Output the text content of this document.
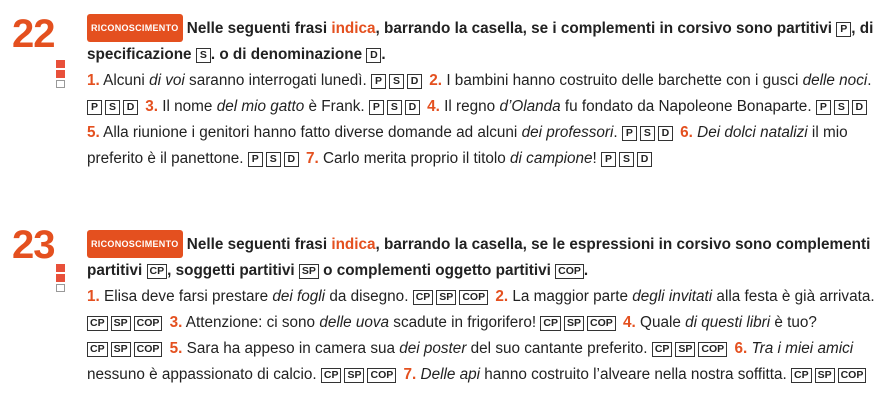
22	RICONOSCIMENTO Nelle seguenti frasi indica, barrando la casella, se i complementi in corsivo sono partitivi P , di specificazione S . o di denominazione D .

1. Alcuni di voi saranno interrogati lunedì. P S D 2. I bambini hanno costruito delle barchette con i gusci delle noci. P S D 3. Il nome del mio gatto è Frank. P S D 4. Il regno d’Olanda fu fondato da Napoleone Bonaparte. P S D 5. Alla riunione i genitori hanno fatto diverse domande ad alcuni dei professori. P S D 6. Dei dolci natalizi il mio preferito è il panettone. P S D 7. Carlo merita proprio il titolo di campione! P S D

23	RICONOSCIMENTO Nelle seguenti frasi indica, barrando la casella, se le espressioni in corsivo sono complementi partitivi CP , soggetti partitivi SP o complementi oggetto partitivi COP .

1. Elisa deve farsi prestare dei fogli da disegno. CP SP COP 2. La maggior parte degli invitati alla festa è già arrivata. CP SP COP 3. Attenzione: ci sono delle uova scadute in frigorifero! CP SP COP 4. Quale di questi libri è tuo? CP SP COP 5. Sara ha appeso in camera sua dei poster del suo cantante preferito. CP SP COP 6. Tra i miei amici nessuno è appassionato di calcio. CP SP COP 7. Delle api hanno costruito l’alveare nella nostra soffitta. CP SP COP
